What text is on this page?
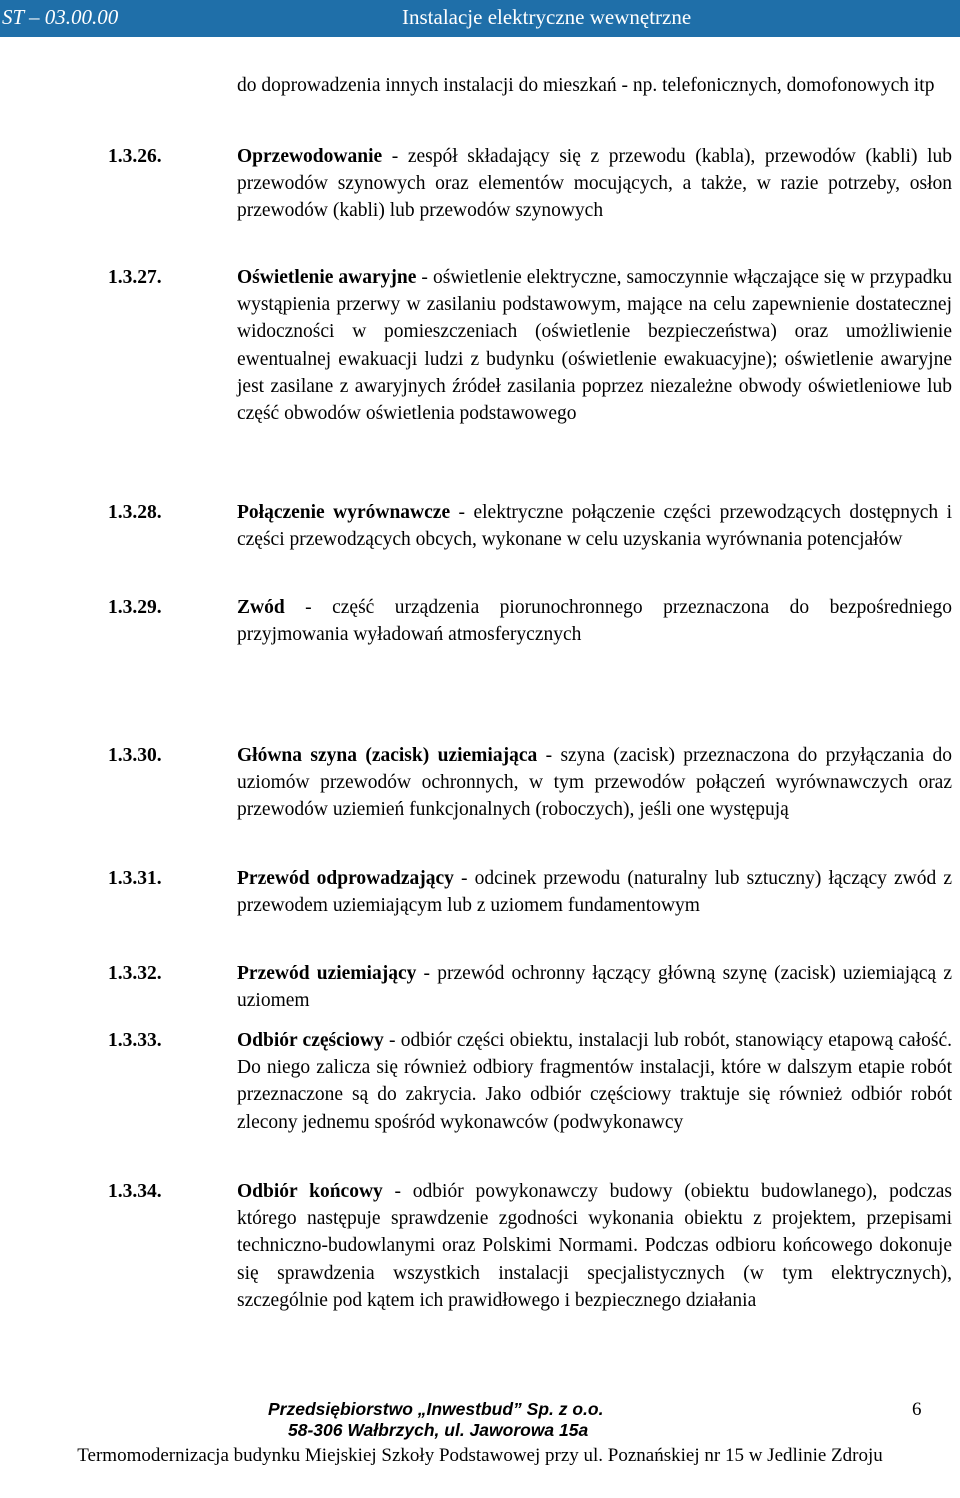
ST – 03.00.00	Instalacje elektryczne wewnętrzne
do doprowadzenia innych instalacji do mieszkań - np. telefonicznych, domofonowych itp
1.3.26.	Oprzewodowanie - zespół składający się z przewodu (kabla), przewodów (kabli) lub przewodów szynowych oraz elementów mocujących, a także, w razie potrzeby, osłon przewodów (kabli) lub przewodów szynowych
1.3.27.	Oświetlenie awaryjne - oświetlenie elektryczne, samoczynnie włączające się w przypadku wystąpienia przerwy w zasilaniu podstawowym, mające na celu zapewnienie dostatecznej widoczności w pomieszczeniach (oświetlenie bezpieczeństwa) oraz umożliwienie ewentualnej ewakuacji ludzi z budynku (oświetlenie ewakuacyjne); oświetlenie awaryjne jest zasilane z awaryjnych źródeł zasilania poprzez niezależne obwody oświetleniowe lub część obwodów oświetlenia podstawowego
1.3.28.	Połączenie wyrównawcze - elektryczne połączenie części przewodzących dostępnych i części przewodzących obcych, wykonane w celu uzyskania wyrównania potencjałów
1.3.29.	Zwód - część urządzenia piorunochronnego przeznaczona do bezpośredniego przyjmowania wyładowań atmosferycznych
1.3.30.	Główna szyna (zacisk) uziemiająca - szyna (zacisk) przeznaczona do przyłączania do uziomów przewodów ochronnych, w tym przewodów połączeń wyrównawczych oraz przewodów uziemień funkcjonalnych (roboczych), jeśli one występują
1.3.31.	Przewód odprowadzający - odcinek przewodu (naturalny lub sztuczny) łączący zwód z przewodem uziemiającym lub z uziomem fundamentowym
1.3.32.	Przewód uziemiający - przewód ochronny łączący główną szynę (zacisk) uziemiającą z uziomem
1.3.33.	Odbiór częściowy - odbiór części obiektu, instalacji lub robót, stanowiący etapową całość. Do niego zalicza się również odbiory fragmentów instalacji, które w dalszym etapie robót przeznaczone są do zakrycia. Jako odbiór częściowy traktuje się również odbiór robót zlecony jednemu spośród wykonawców (podwykonawcy
1.3.34.	Odbiór końcowy - odbiór powykonawczy budowy (obiektu budowlanego), podczas którego następuje sprawdzenie zgodności wykonania obiektu z projektem, przepisami techniczno-budowlanymi oraz Polskimi Normami. Podczas odbioru końcowego dokonuje się sprawdzenia wszystkich instalacji specjalistycznych (w tym elektrycznych), szczególnie pod kątem ich prawidłowego i bezpiecznego działania
Przedsiębiorstwo „Inwestbud” Sp. z o.o.
58-306 Wałbrzych, ul. Jaworowa 15a
6
Termomodernizacja budynku Miejskiej Szkoły Podstawowej przy ul. Poznańskiej nr 15 w Jedlinie Zdroju
